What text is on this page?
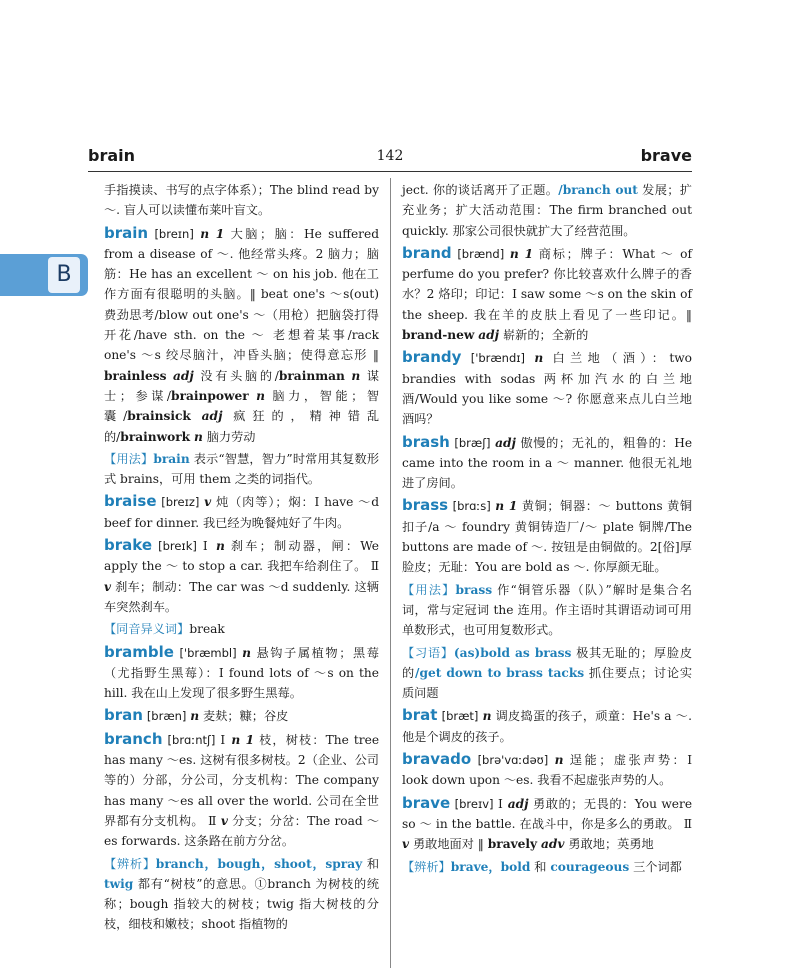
brain	142	brave
B

手指摸读、书写的点字体系）；The blind read by ～. 盲人可以读懂布莱叶盲文。

brain [breɪn] n 1 大脑；脑：He suffered from a disease of ～. 他经常头疼。2 脑力；脑筋：He has an excellent ～ on his job. 他在工作方面有很聪明的头脑。‖ beat one's ～s(out) 费劲思考/blow out one's ～（用枪）把脑袋打得开花/have sth. on the ～ 老想着某事/rack one's ～s 绞尽脑汁，冲昏头脑；使得意忘形 ‖ brainless adj 没有头脑的/brainman n 谋士；参谋/brainpower n 脑力，智能；智囊/brainsick adj 疯狂的，精神错乱的/brainwork n 脑力劳动

【用法】brain 表示“智慧，智力”时常用其复数形式 brains，可用 them 之类的词指代。

braise [breɪz] v 炖（肉等）；焖：I have ～d beef for dinner. 我已经为晚餐炖好了牛肉。

brake [breɪk] Ⅰ n 刹车；制动器，闸：We apply the ～ to stop a car. 我把车给刹住了。 Ⅱ v 刹车；制动：The car was ～d suddenly. 这辆车突然刹车。

【同音异义词】break

bramble ['bræmbl] n 悬钩子属植物；黑莓（尤指野生黑莓）：I found lots of ～s on the hill. 我在山上发现了很多野生黑莓。

bran [bræn] n 麦麸；糠；谷皮

branch [brɑːntʃ] Ⅰ n 1 枝，树枝：The tree has many ～es. 这树有很多树枝。2（企业、公司等的）分部，分公司，分支机构：The company has many ～es all over the world. 公司在全世界都有分支机构。 Ⅱ v 分支；分岔：The road ～es forwards. 这条路在前方分岔。

【辨析】branch，bough，shoot，spray 和 twig 都有“树枝”的意思。①branch 为树枝的统称；bough 指较大的树枝；twig 指大树枝的分枝，细枝和嫩枝；shoot 指植物的

ject. 你的谈话离开了正题。/branch out 发展；扩充业务；扩大活动范围：The firm branched out quickly. 那家公司很快就扩大了经营范围。

brand [brænd] n 1 商标；牌子：What ～ of perfume do you prefer? 你比较喜欢什么牌子的香水？2 烙印；印记：I saw some ～s on the skin of the sheep. 我在羊的皮肤上看见了一些印记。‖ brand-new adj 崭新的；全新的

brandy ['brændɪ] n 白兰地（酒）：two brandies with sodas 两杯加汽水的白兰地酒/Would you like some ～? 你愿意来点儿白兰地酒吗？

brash [bræʃ] adj 傲慢的；无礼的，粗鲁的：He came into the room in a ～ manner. 他很无礼地进了房间。

brass [brɑːs] n 1 黄铜；铜器：～ buttons 黄铜扣子/a ～ foundry 黄铜铸造厂/～ plate 铜牌/The buttons are made of ～. 按钮是由铜做的。2[俗]厚脸皮；无耻：You are bold as ～. 你厚颜无耻。

【用法】brass 作“铜管乐器（队）”解时是集合名词，常与定冠词 the 连用。作主语时其谓语动词可用单数形式，也可用复数形式。

【习语】(as)bold as brass 极其无耻的；厚脸皮的/get down to brass tacks 抓住要点；讨论实质问题

brat [bræt] n 调皮捣蛋的孩子，顽童：He's a ～. 他是个调皮的孩子。

bravado [brə'vɑːdəʊ] n 逞能；虚张声势：I look down upon ～es. 我看不起虚张声势的人。

brave [breɪv] Ⅰ adj 勇敢的；无畏的：You were so ～ in the battle. 在战斗中，你是多么的勇敢。 Ⅱ v 勇敢地面对 ‖ bravely adv 勇敢地；英勇地

【辨析】brave，bold 和 courageous 三个词都
